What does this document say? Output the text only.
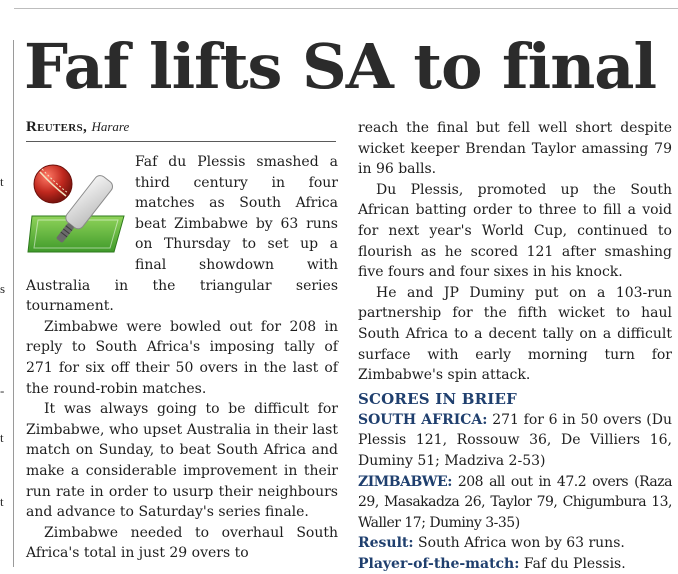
t
s
-
t
t
Faf lifts SA to final
Reuters, Harare

Faf du Plessis smashed a third century in four matches as South Africa beat Zimbabwe by 63 runs on Thursday to set up a final showdown with Australia in the triangular series tournament.

Zimbabwe were bowled out for 208 in reply to South Africa's imposing tally of 271 for six off their 50 overs in the last of the round-robin matches.

It was always going to be difficult for Zimbabwe, who upset Australia in their last match on Sunday, to beat South Africa and make a considerable improvement in their run rate in order to usurp their neighbours and advance to Saturday's series finale.

Zimbabwe needed to overhaul South Africa's total in just 29 overs to

reach the final but fell well short despite wicket keeper Brendan Taylor amassing 79 in 96 balls.

Du Plessis, promoted up the South African batting order to three to fill a void for next year's World Cup, continued to flourish as he scored 121 after smashing five fours and four sixes in his knock.

He and JP Duminy put on a 103-run partnership for the fifth wicket to haul South Africa to a decent tally on a difficult surface with early morning turn for Zimbabwe's spin attack.

SCORES IN BRIEF

SOUTH AFRICA: 271 for 6 in 50 overs (Du Plessis 121, Rossouw 36, De Villiers 16, Duminy 51; Madziva 2-53)

ZIMBABWE: 208 all out in 47.2 overs (Raza 29, Masakadza 26, Taylor 79, Chigumbura 13, Waller 17; Duminy 3-35)

Result: South Africa won by 63 runs.

Player-of-the-match: Faf du Plessis.
